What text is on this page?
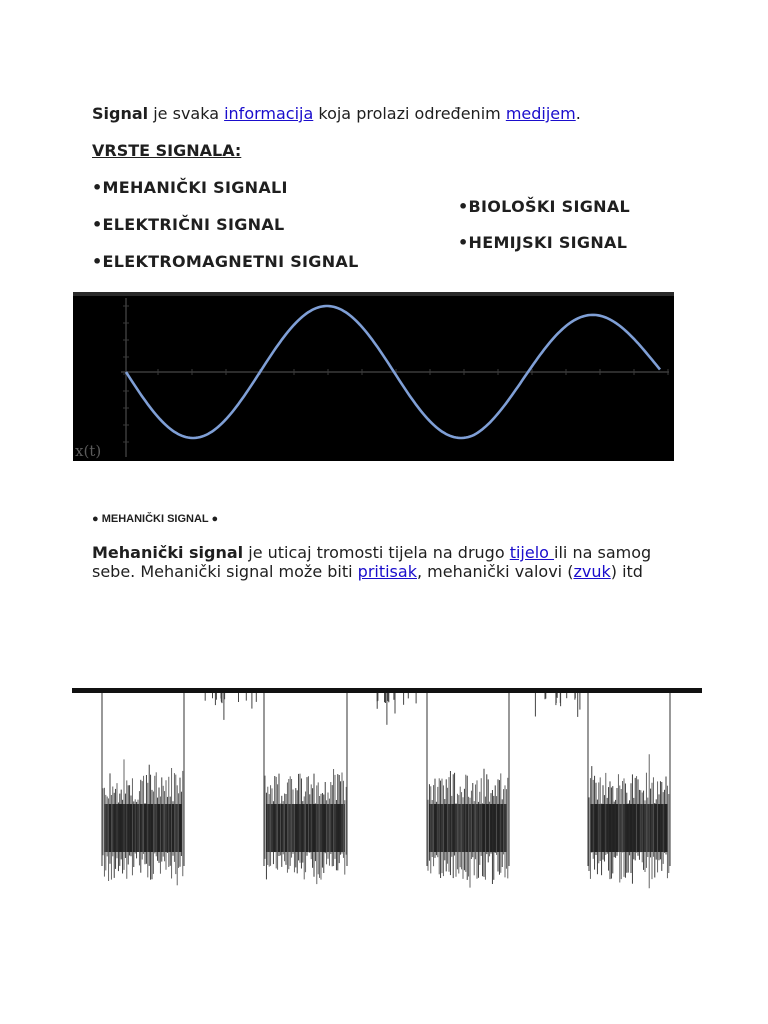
Signal je svaka informacija koja prolazi određenim medijem.
VRSTE SIGNALA:
•MEHANIČKI SIGNALI
•ELEKTRIČNI SIGNAL
•ELEKTROMAGNETNI SIGNAL
•BIOLOŠKI SIGNAL
•HEMIJSKI SIGNAL
x(t)
● MEHANIČKI SIGNAL ●
Mehanički signal je uticaj tromosti tijela na drugo tijelo ili na samog sebe. Mehanički signal može biti pritisak, mehanički valovi (zvuk) itd
